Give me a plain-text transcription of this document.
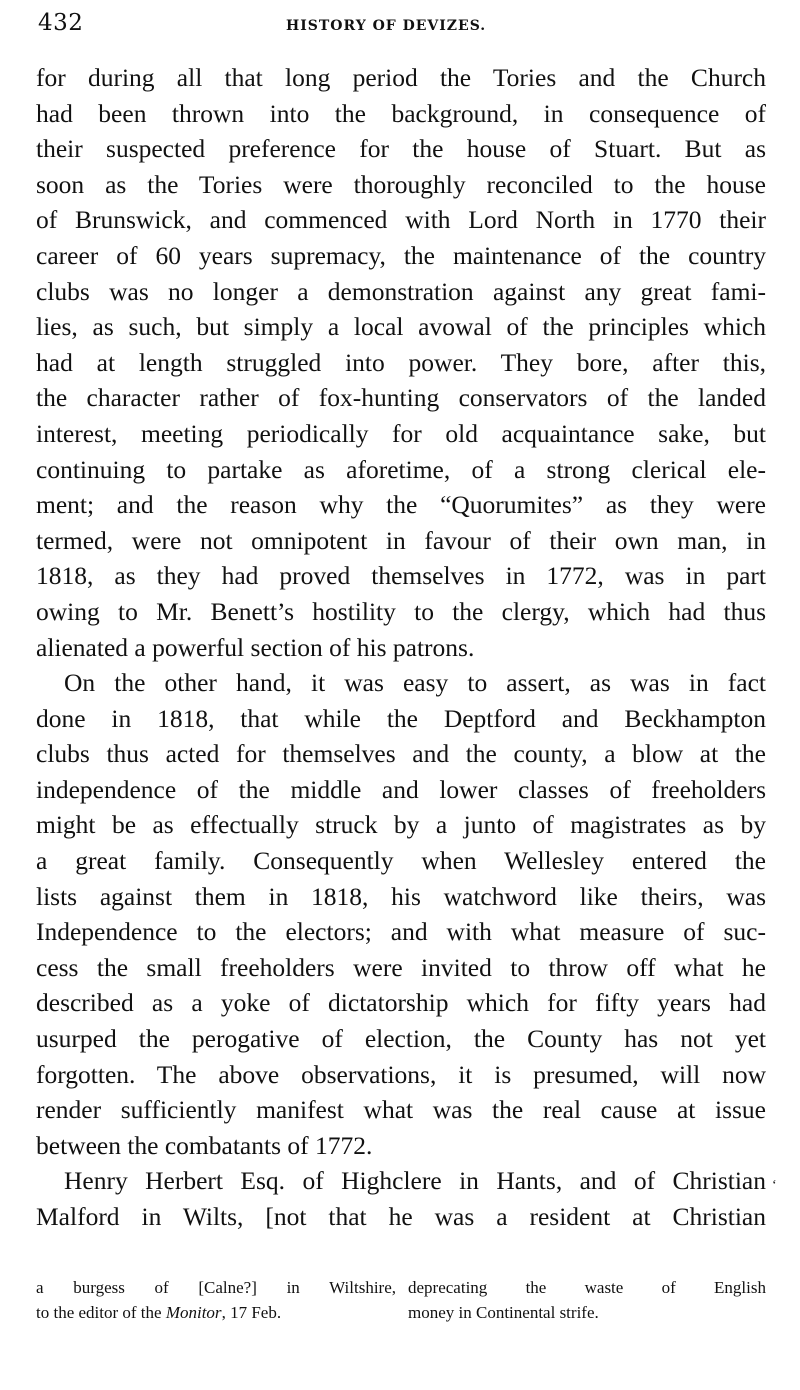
432	HISTORY OF DEVIZES.
for during all that long period the Tories and the Church
had been thrown into the background, in consequence of
their suspected preference for the house of Stuart. But as
soon as the Tories were thoroughly reconciled to the house
of Brunswick, and commenced with Lord North in 1770 their
career of 60 years supremacy, the maintenance of the country
clubs was no longer a demonstration against any great fami-
lies, as such, but simply a local avowal of the principles which
had at length struggled into power. They bore, after this,
the character rather of fox-hunting conservators of the landed
interest, meeting periodically for old acquaintance sake, but
continuing to partake as aforetime, of a strong clerical ele-
ment; and the reason why the “Quorumites” as they were
termed, were not omnipotent in favour of their own man, in
1818, as they had proved themselves in 1772, was in part
owing to Mr. Benett’s hostility to the clergy, which had thus
alienated a powerful section of his patrons.
On the other hand, it was easy to assert, as was in fact
done in 1818, that while the Deptford and Beckhampton
clubs thus acted for themselves and the county, a blow at the
independence of the middle and lower classes of freeholders
might be as effectually struck by a junto of magistrates as by
a great family. Consequently when Wellesley entered the
lists against them in 1818, his watchword like theirs, was
Independence to the electors; and with what measure of suc-
cess the small freeholders were invited to throw off what he
described as a yoke of dictatorship which for fifty years had
usurped the perogative of election, the County has not yet
forgotten. The above observations, it is presumed, will now
render sufficiently manifest what was the real cause at issue
between the combatants of 1772.
Henry Herbert Esq. of Highclere in Hants, and of Christian
Malford in Wilts, [not that he was a resident at Christian
‘
a burgess of [Calne?] in Wiltshire,
to the editor of the Monitor, 17 Feb.
deprecating the waste of English
money in Continental strife.
